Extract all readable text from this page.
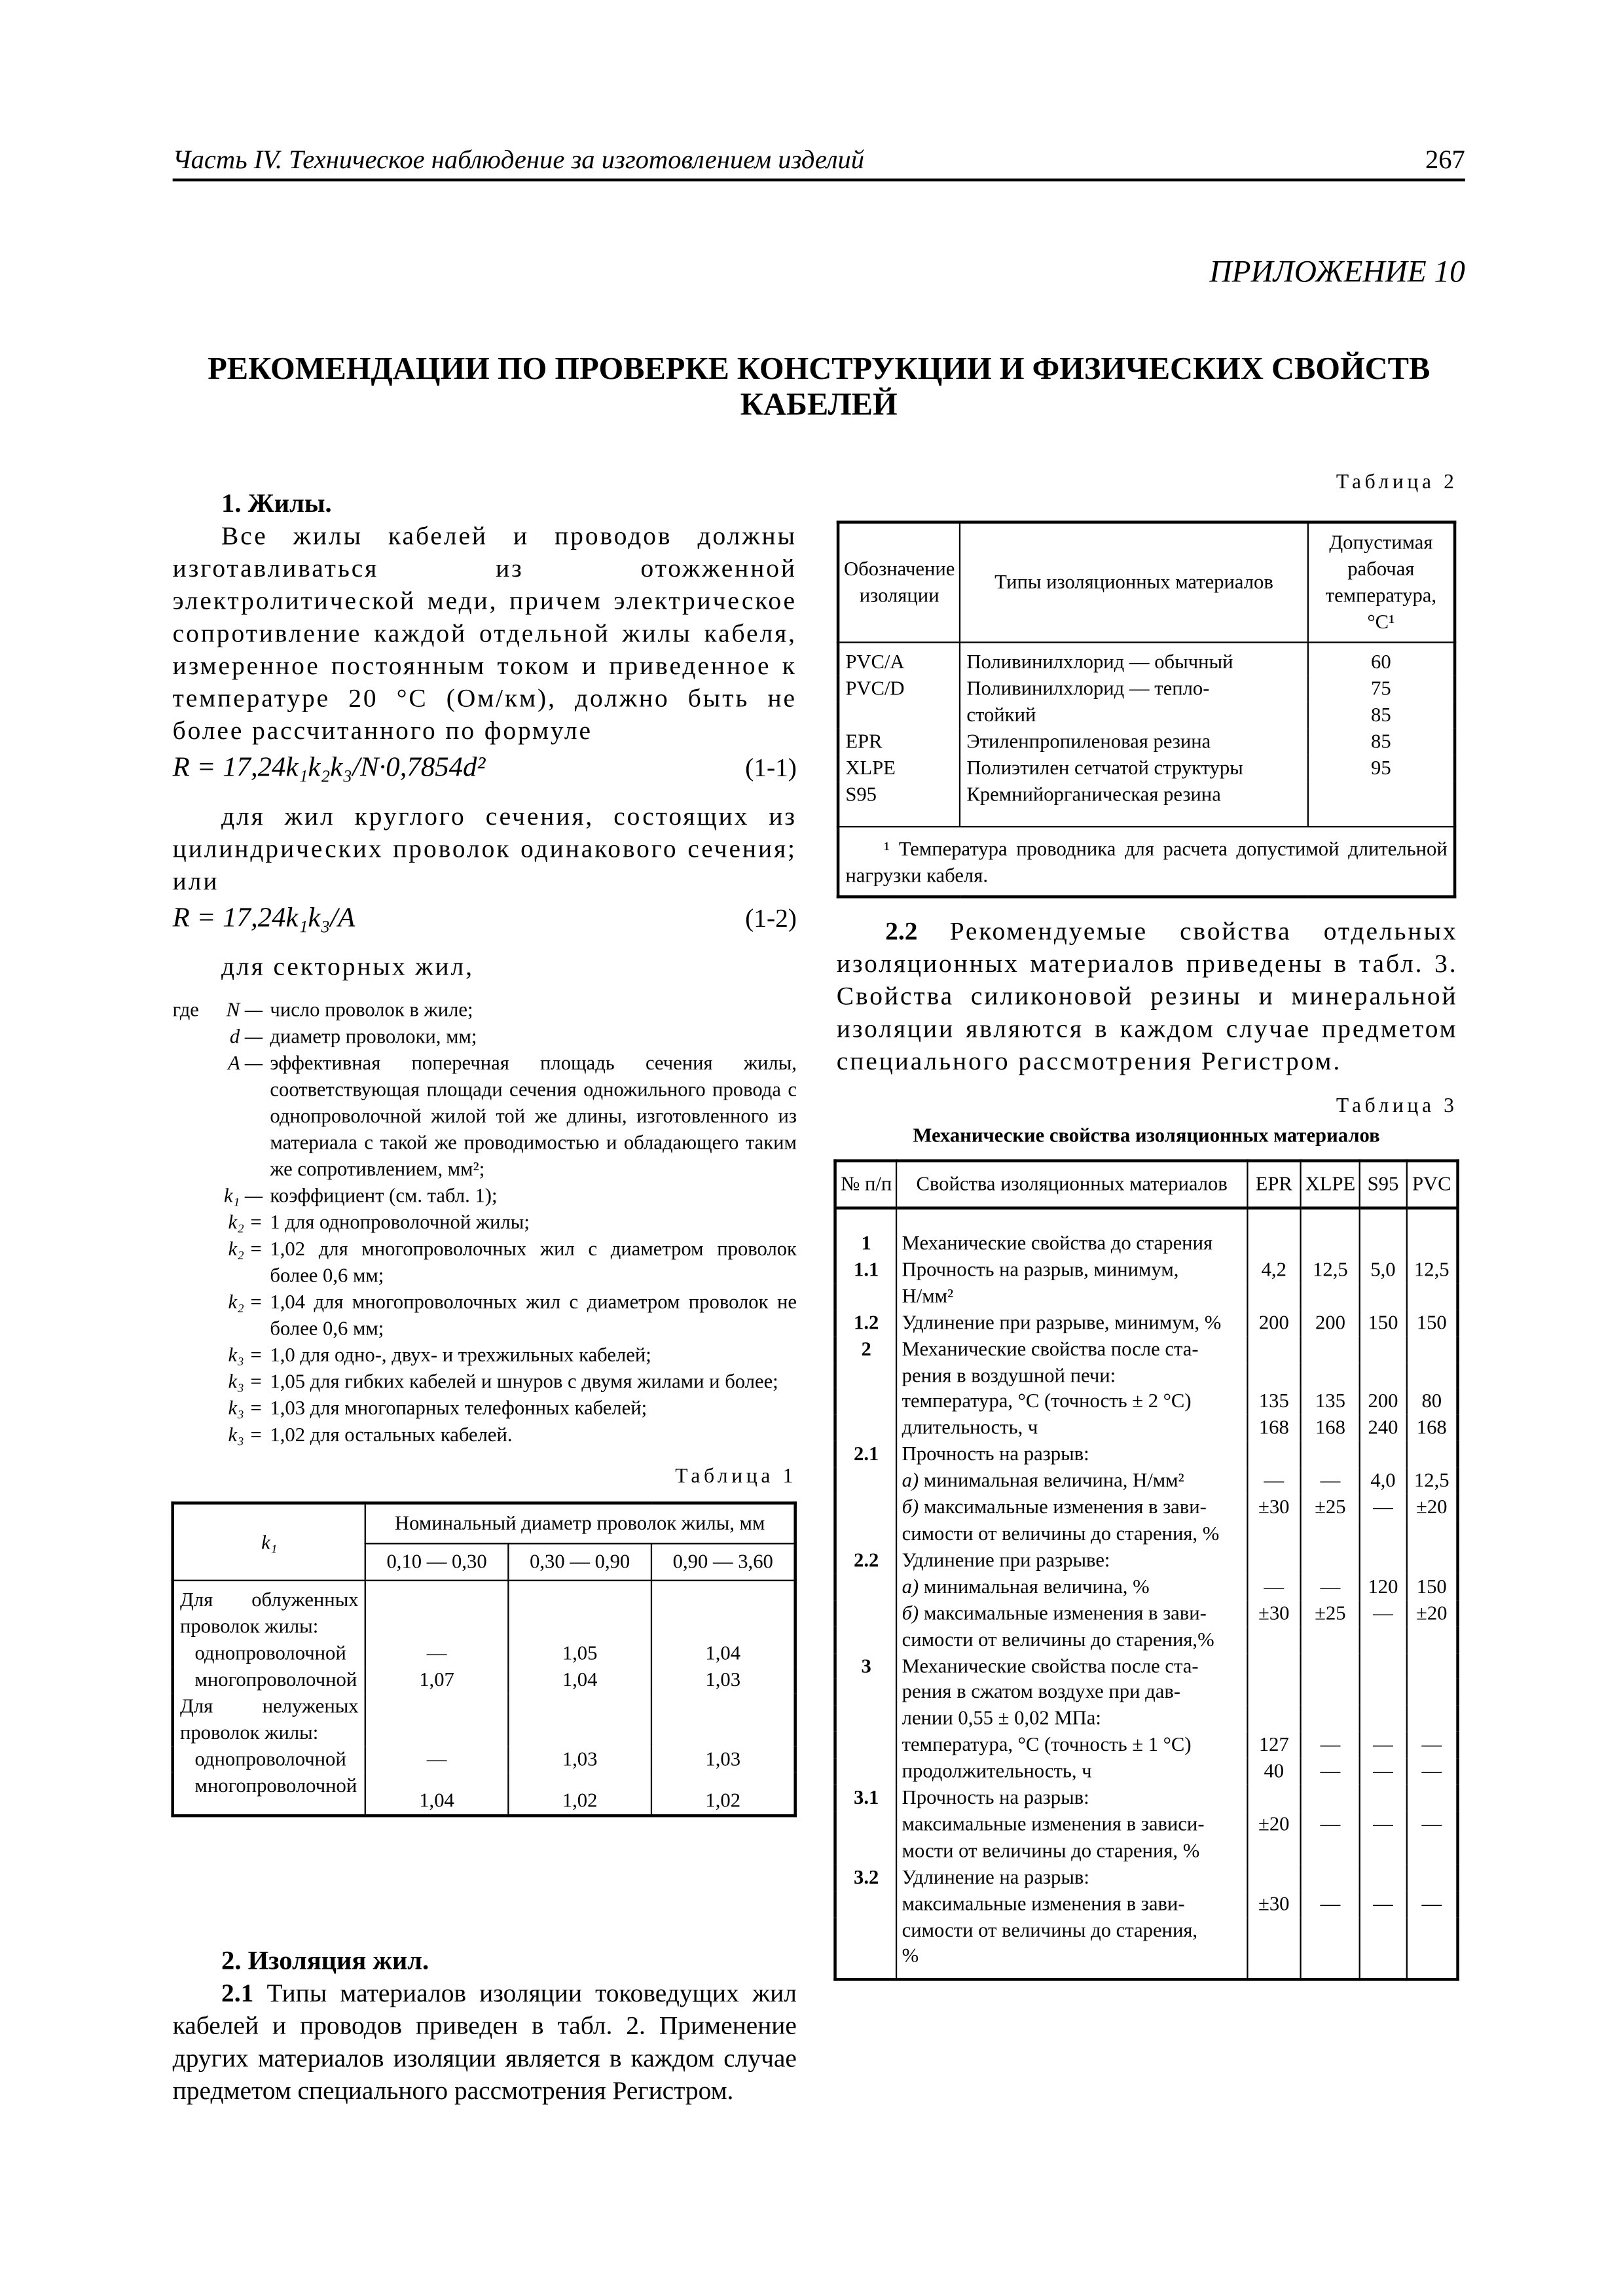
Часть IV. Техническое наблюдение за изготовлением изделий	267
ПРИЛОЖЕНИЕ 10
РЕКОМЕНДАЦИИ ПО ПРОВЕРКЕ КОНСТРУКЦИИ И ФИЗИЧЕСКИХ СВОЙСТВ КАБЕЛЕЙ
1. Жилы.
Все жилы кабелей и проводов должны изготавливаться из отожженной электролитической меди, причем электрическое сопротивление каждой отдельной жилы кабеля, измеренное постоянным током и приведенное к температуре 20 °С (Ом/км), должно быть не более рассчитанного по формуле
R = 17,24k₁k₂k₃/N·0,7854d²	(1-1)
для жил круглого сечения, состоящих из цилиндрических проволок одинакового сечения; или
R = 17,24k₁k₃/A	(1-2)
для секторных жил,
где	N — число проволок в жиле;
d — диаметр проволоки, мм;
A — эффективная поперечная площадь сечения жилы, соответствующая площади сечения одножильного провода с однопроволочной жилой той же длины, изготовленного из материала с такой же проводимостью и обладающего таким же сопротивлением, мм²;
k₁ — коэффициент (см. табл. 1);
k₂ = 1 для однопроволочной жилы;
k₂ = 1,02 для многопроволочных жил с диаметром проволок более 0,6 мм;
k₂ = 1,04 для многопроволочных жил с диаметром проволок не более 0,6 мм;
k₃ = 1,0 для одно-, двух- и трехжильных кабелей;
k₃ = 1,05 для гибких кабелей и шнуров с двумя жилами и более;
k₃ = 1,03 для многопарных телефонных кабелей;
k₃ = 1,02 для остальных кабелей.
Таблица 1
k₁	Номинальный диаметр проволок жилы, мм		
	0,10 — 0,30	0,30 — 0,90	0,90 — 3,60
Для облуженных проволок жилы:			
однопроволочной	—	1,05	1,04
многопроволочной	1,07	1,04	1,03
Для нелуженых проволок жилы:			
однопроволочной	—	1,03	1,03
многопроволочной	1,04	1,02	1,02
2. Изоляция жил.
2.1 Типы материалов изоляции токоведущих жил кабелей и проводов приведен в табл. 2. Применение других материалов изоляции является в каждом случае предметом специального рассмотрения Регистром.
Таблица 2
Обозначение изоляции	Типы изоляционных материалов	Допустимая рабочая температура, °С¹
PVC/A	Поливинилхлорид — обычный	60
PVC/D	Поливинилхлорид — тепло-	75
	стойкий	85
EPR	Этиленпропиленовая резина	85
XLPE	Полиэтилен сетчатой структуры	95
S95	Кремнийорганическая резина	
¹ Температура проводника для расчета допустимой длительной нагрузки кабеля.		
2.2 Рекомендуемые свойства отдельных изоляционных материалов приведены в табл. 3. Свойства силиконовой резины и минеральной изоляции являются в каждом случае предметом специального рассмотрения Регистром.
Таблица 3
Механические свойства изоляционных материалов
№ п/п	Свойства изоляционных материалов	EPR	XLPE	S95	PVC
1	Механические свойства до старения				
1.1	Прочность на разрыв, минимум,	4,2	12,5	5,0	12,5
	Н/мм²				
1.2	Удлинение при разрыве, минимум, %	200	200	150	150
2	Механические свойства после ста-				
	рения в воздушной печи:				
	температура, °С (точность ± 2 °С)	135	135	200	80
	длительность, ч	168	168	240	168
2.1	Прочность на разрыв:				
	а) минимальная величина, Н/мм²	—	—	4,0	12,5
	б) максимальные изменения в зави-	±30	±25	—	±20
	симости от величины до старения, %				
2.2	Удлинение при разрыве:				
	а) минимальная величина, %	—	—	120	150
	б) максимальные изменения в зави-	±30	±25	—	±20
	симости от величины до старения,%				
3	Механические свойства после ста-				
	рения в сжатом воздухе при дав-				
	лении 0,55 ± 0,02 МПа:				
	температура, °С (точность ± 1 °С)	127	—	—	—
	продолжительность, ч	40	—	—	—
3.1	Прочность на разрыв:				
	максимальные изменения в зависи-	±20	—	—	—
	мости от величины до старения, %				
3.2	Удлинение на разрыв:				
	максимальные изменения в зави-	±30	—	—	—
	симости от величины до старения,				
	%				
